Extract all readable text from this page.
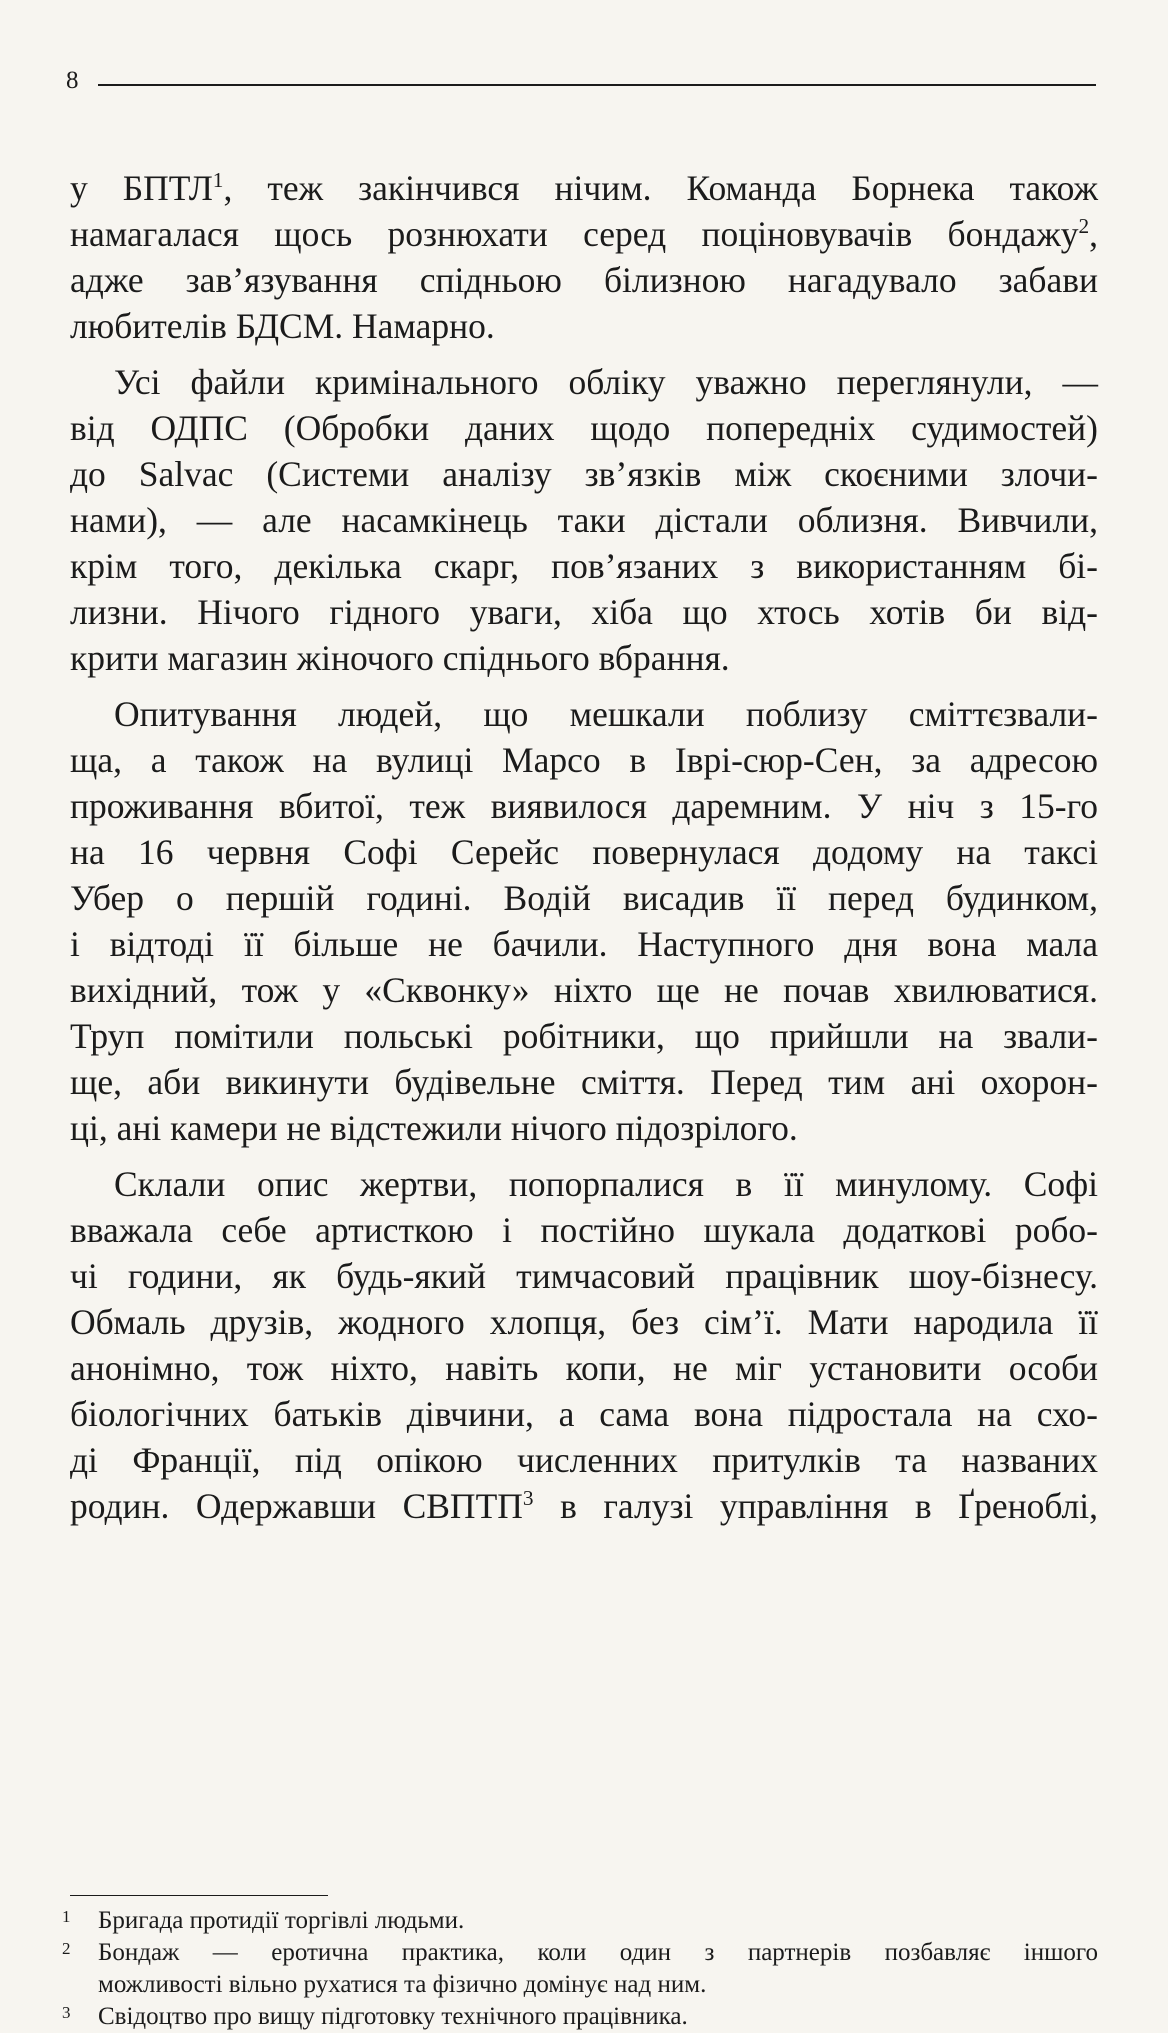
8
у БПТЛ$^1$, теж закінчився нічим. Команда Борнека також
намагалася щось рознюхати серед поціновувачів бондажу$^2$,
адже зав’язування спідньою білизною нагадувало забави
любителів БДСМ. Намарно.
Усі файли кримінального обліку уважно переглянули, —
від ОДПС (Обробки даних щодо попередніх судимостей)
до Salvac (Системи аналізу зв’язків між скоєними злочи-
нами), — але насамкінець таки дістали облизня. Вивчили,
крім того, декілька скарг, пов’язаних з використанням бі-
лизни. Нічого гідного уваги, хіба що хтось хотів би від-
крити магазин жіночого спіднього вбрання.
Опитування людей, що мешкали поблизу сміттєзвали-
ща, а також на вулиці Марсо в Іврі-сюр-Сен, за адресою
проживання вбитої, теж виявилося даремним. У ніч з 15-го
на 16 червня Софі Серейс повернулася додому на таксі
Убер о першій годині. Водій висадив її перед будинком,
і відтоді її більше не бачили. Наступного дня вона мала
вихідний, тож у «Сквонку» ніхто ще не почав хвилюватися.
Труп помітили польські робітники, що прийшли на звали-
ще, аби викинути будівельне сміття. Перед тим ані охорон-
ці, ані камери не відстежили нічого підозрілого.
Склали опис жертви, попорпалися в її минулому. Софі
вважала себе артисткою і постійно шукала додаткові робо-
чі години, як будь-який тимчасовий працівник шоу-бізнесу.
Обмаль друзів, жодного хлопця, без сім’ї. Мати народила її
анонімно, тож ніхто, навіть копи, не міг установити особи
біологічних батьків дівчини, а сама вона підростала на схо-
ді Франції, під опікою численних притулків та названих
родин. Одержавши СВПТП$^3$ в галузі управління в Ґреноблі,
1 Бригада протидії торгівлі людьми.
2 Бондаж — еротична практика, коли один з партнерів позбавляє іншого
можливості вільно рухатися та фізично домінує над ним.
3 Свідоцтво про вищу підготовку технічного працівника.
